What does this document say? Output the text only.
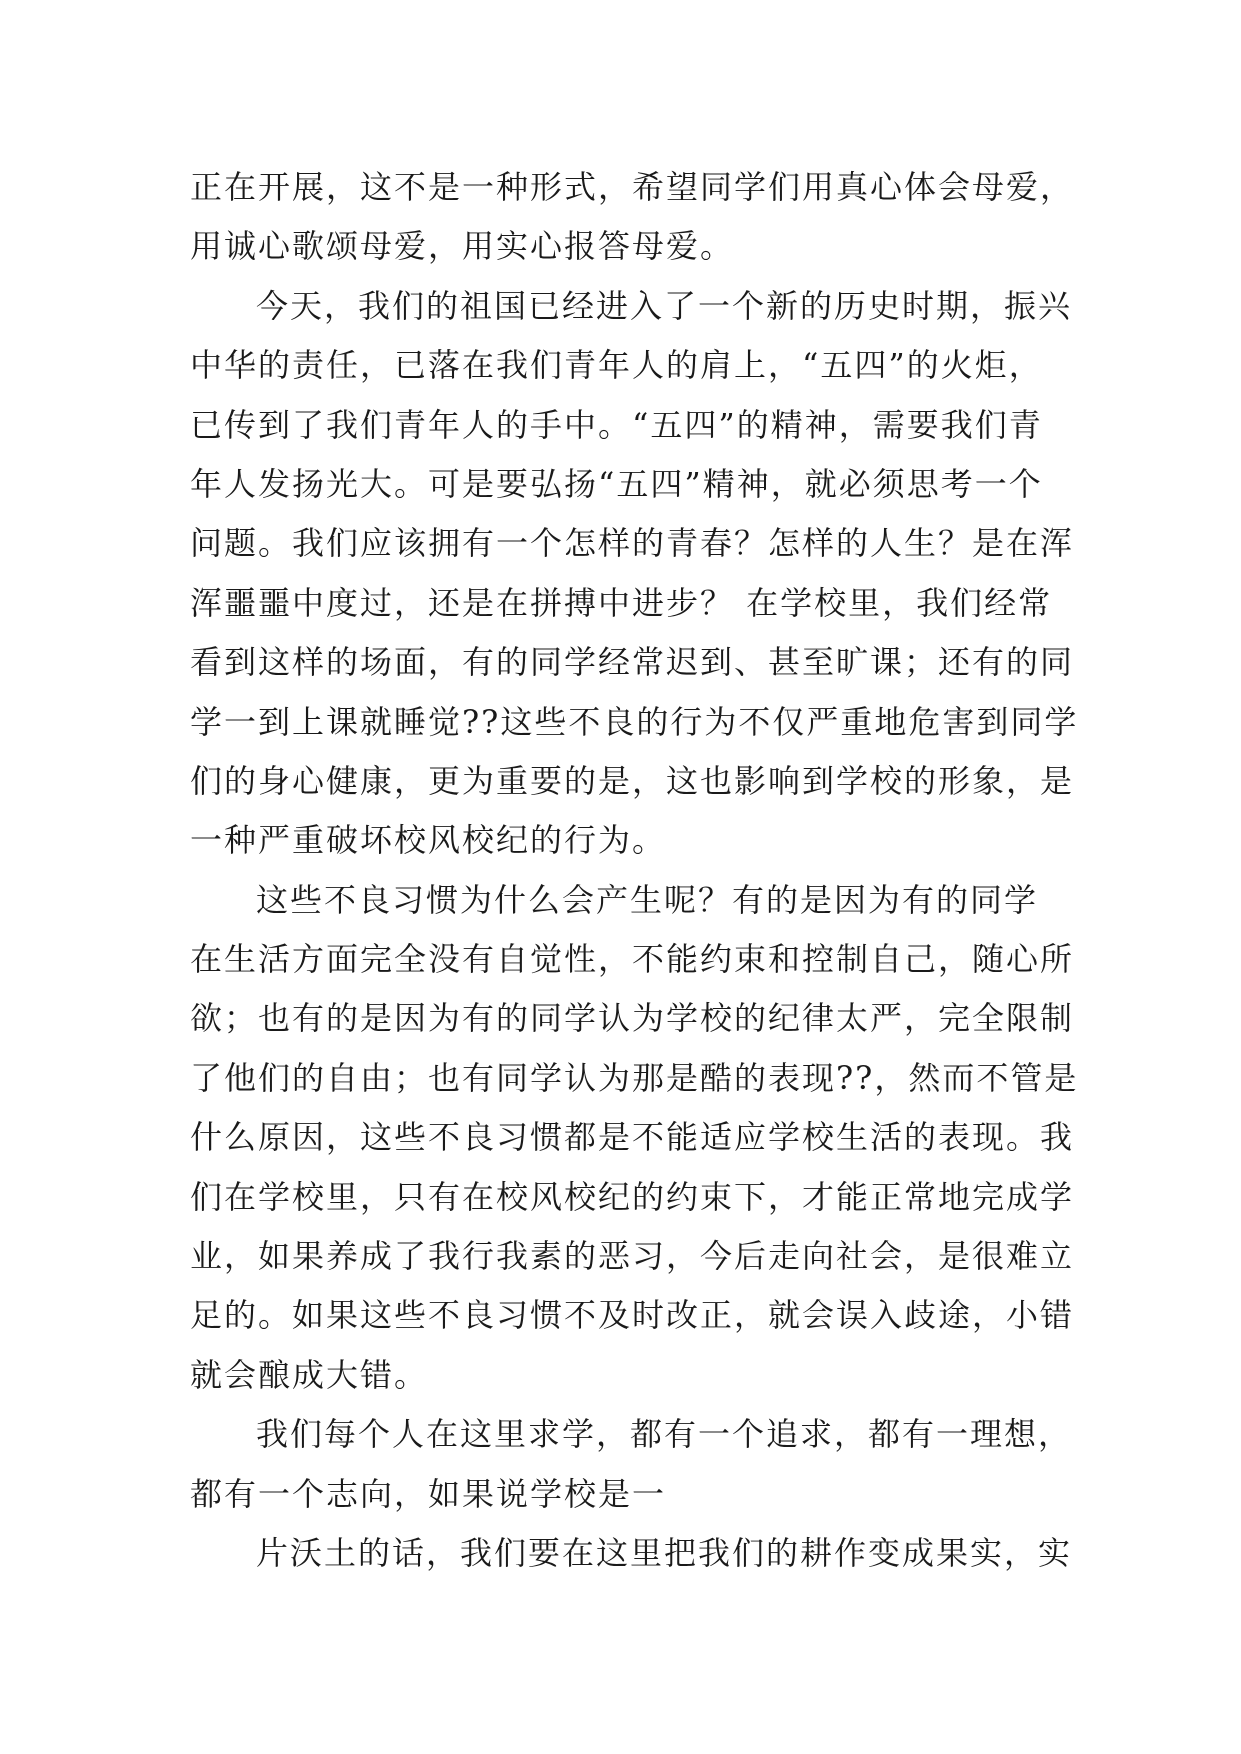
正在开展，这不是一种形式，希望同学们用真心体会母爱，
用诚心歌颂母爱，用实心报答母爱。
今天，我们的祖国已经进入了一个新的历史时期，振兴
中华的责任，已落在我们青年人的肩上，“五四”的火炬，
已传到了我们青年人的手中。“五四”的精神，需要我们青
年人发扬光大。可是要弘扬“五四”精神，就必须思考一个
问题。我们应该拥有一个怎样的青春？怎样的人生？是在浑
浑噩噩中度过，还是在拼搏中进步？ 在学校里，我们经常
看到这样的场面，有的同学经常迟到、甚至旷课；还有的同
学一到上课就睡觉??这些不良的行为不仅严重地危害到同学
们的身心健康，更为重要的是，这也影响到学校的形象，是
一种严重破坏校风校纪的行为。
这些不良习惯为什么会产生呢？有的是因为有的同学
在生活方面完全没有自觉性，不能约束和控制自己，随心所
欲；也有的是因为有的同学认为学校的纪律太严，完全限制
了他们的自由；也有同学认为那是酷的表现??，然而不管是
什么原因，这些不良习惯都是不能适应学校生活的表现。我
们在学校里，只有在校风校纪的约束下，才能正常地完成学
业，如果养成了我行我素的恶习，今后走向社会，是很难立
足的。如果这些不良习惯不及时改正，就会误入歧途，小错
就会酿成大错。
我们每个人在这里求学，都有一个追求，都有一理想，
都有一个志向，如果说学校是一
片沃土的话，我们要在这里把我们的耕作变成果实，实
